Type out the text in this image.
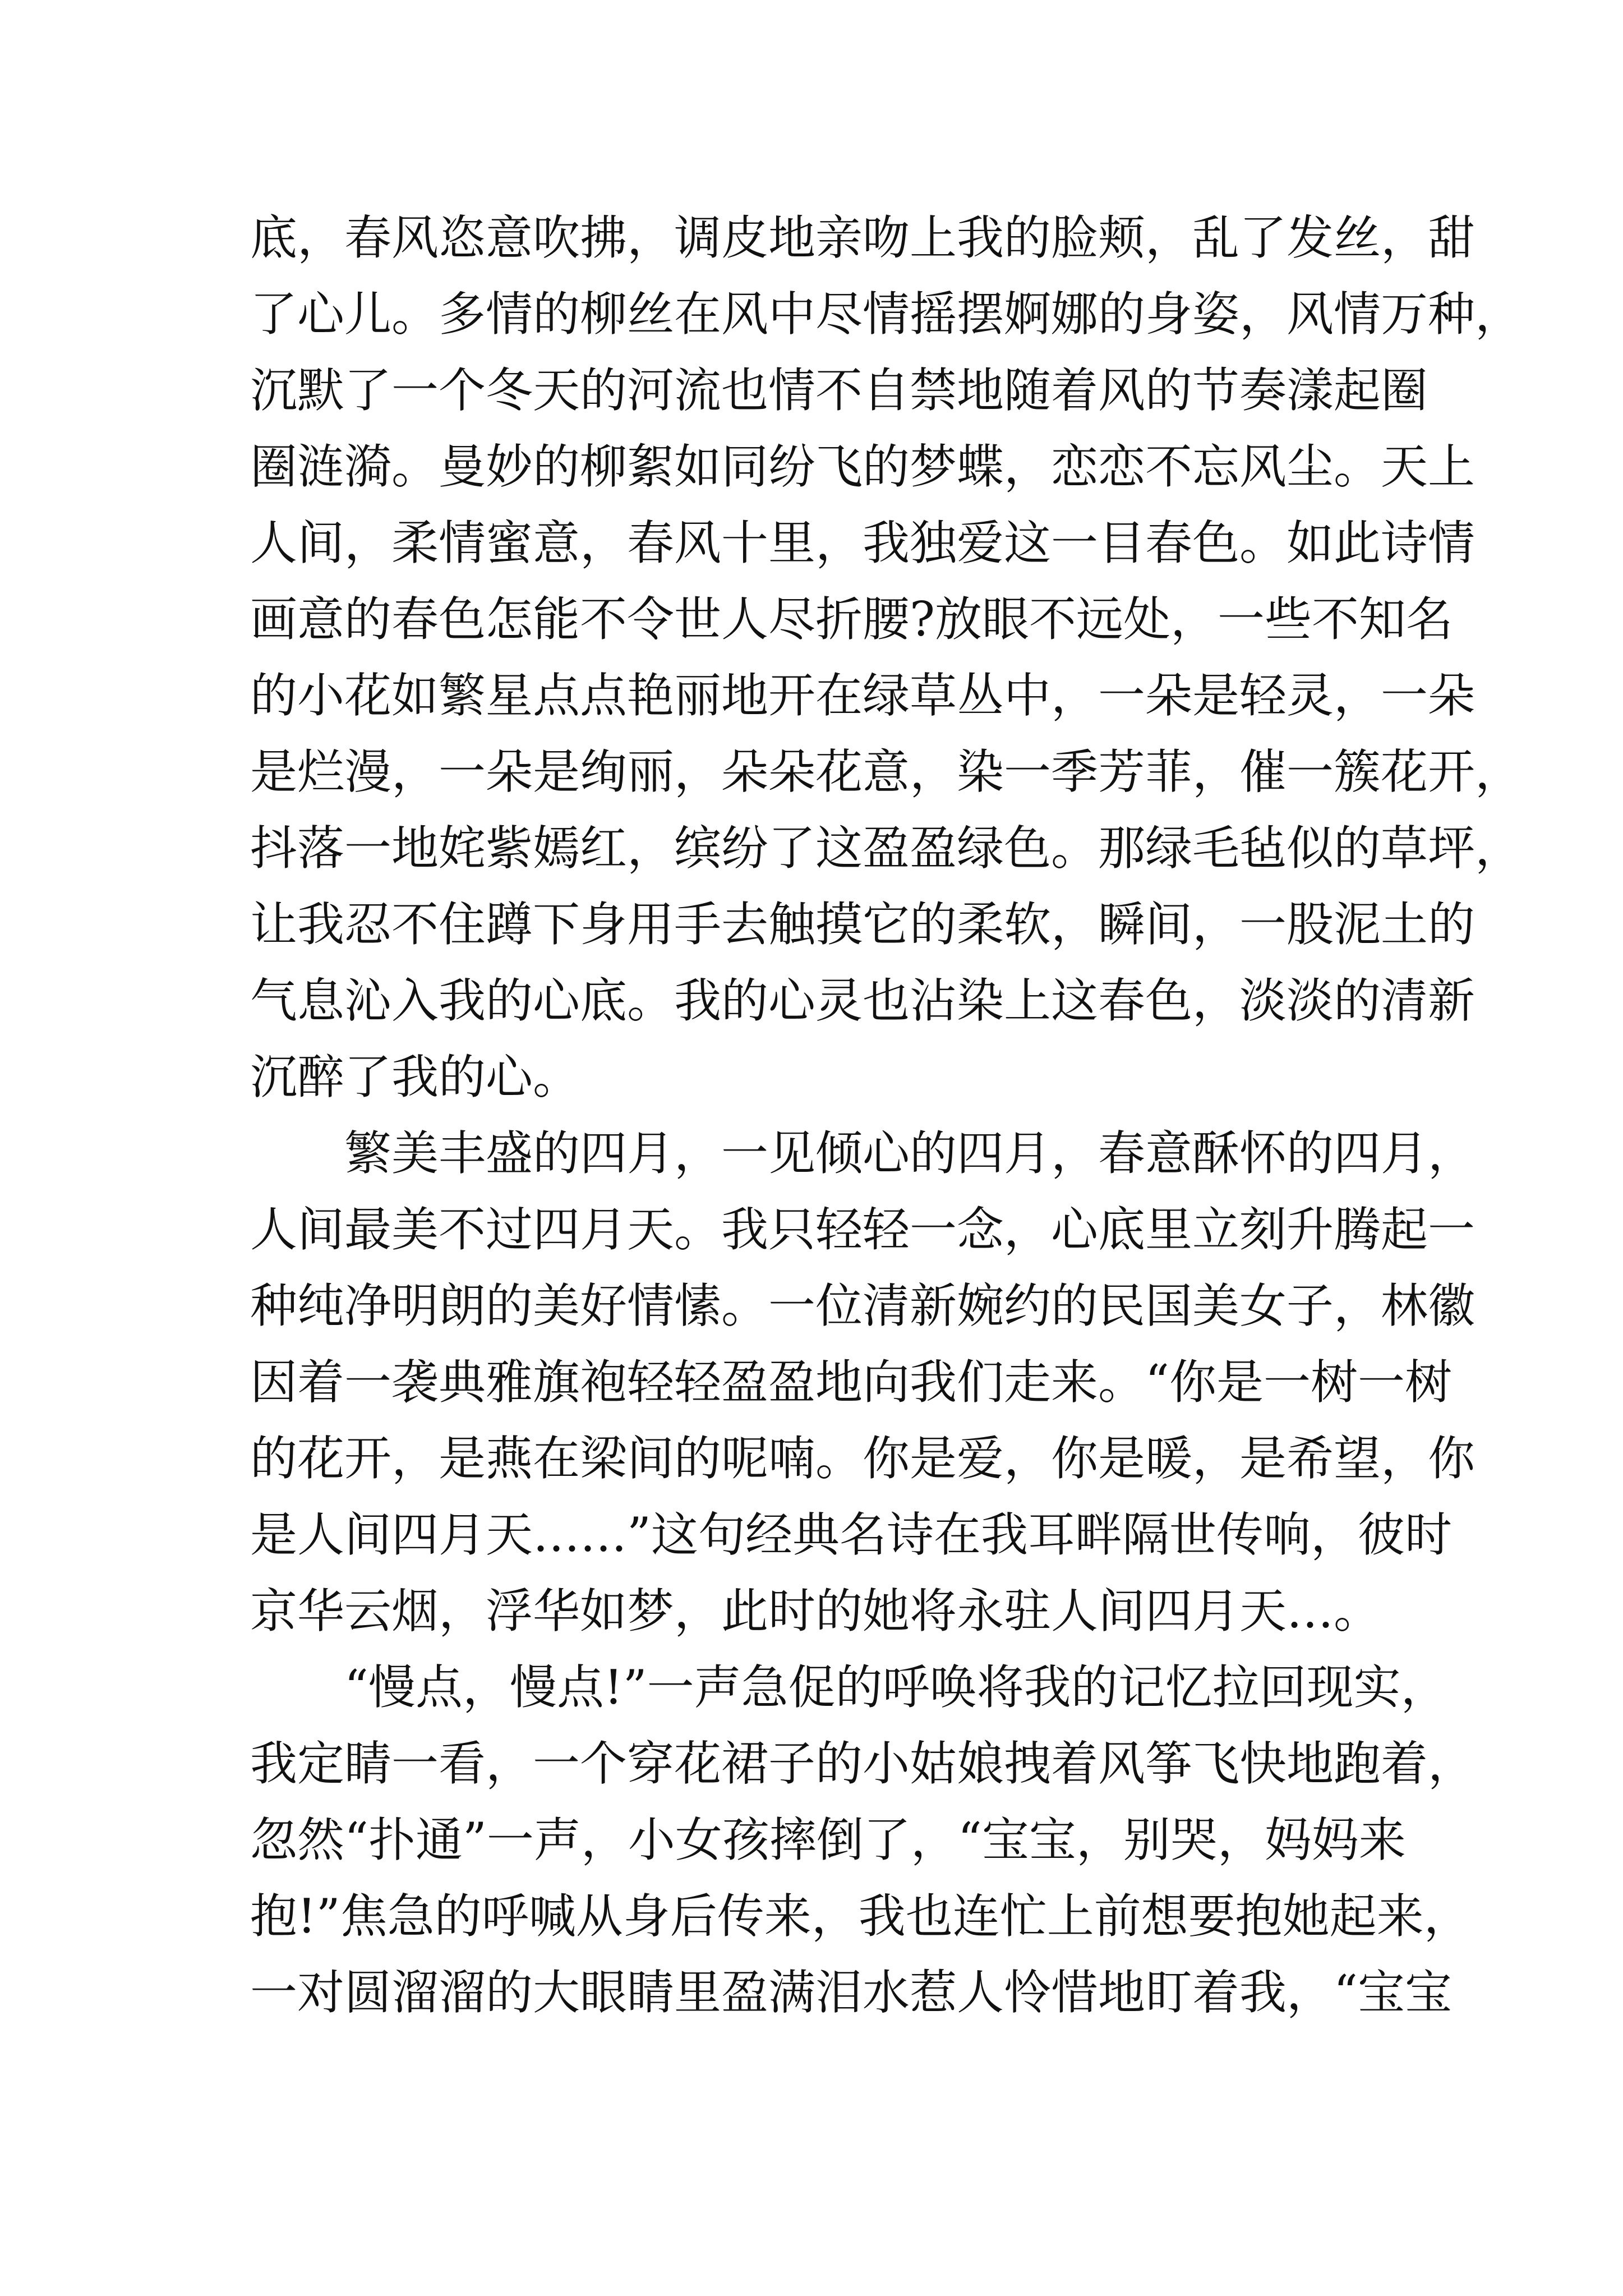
底，春风恣意吹拂，调皮地亲吻上我的脸颊，乱了发丝，甜
了心儿。多情的柳丝在风中尽情摇摆婀娜的身姿，风情万种，
沉默了一个冬天的河流也情不自禁地随着风的节奏漾起圈
圈涟漪。曼妙的柳絮如同纷飞的梦蝶，恋恋不忘风尘。天上
人间，柔情蜜意，春风十里，我独爱这一目春色。如此诗情
画意的春色怎能不令世人尽折腰?放眼不远处，一些不知名
的小花如繁星点点艳丽地开在绿草丛中，一朵是轻灵，一朵
是烂漫，一朵是绚丽，朵朵花意，染一季芳菲，催一簇花开，
抖落一地姹紫嫣红，缤纷了这盈盈绿色。那绿毛毡似的草坪，
让我忍不住蹲下身用手去触摸它的柔软，瞬间，一股泥土的
气息沁入我的心底。我的心灵也沾染上这春色，淡淡的清新
沉醉了我的心。
繁美丰盛的四月，一见倾心的四月，春意酥怀的四月，
人间最美不过四月天。我只轻轻一念，心底里立刻升腾起一
种纯净明朗的美好情愫。一位清新婉约的民国美女子，林徽
因着一袭典雅旗袍轻轻盈盈地向我们走来。“你是一树一树
的花开，是燕在梁间的呢喃。你是爱，你是暖，是希望，你
是人间四月天……”这句经典名诗在我耳畔隔世传响，彼时
京华云烟，浮华如梦，此时的她将永驻人间四月天…。
“慢点，慢点!”一声急促的呼唤将我的记忆拉回现实，
我定睛一看，一个穿花裙子的小姑娘拽着风筝飞快地跑着，
忽然“扑通”一声，小女孩摔倒了，“宝宝，别哭，妈妈来
抱!”焦急的呼喊从身后传来，我也连忙上前想要抱她起来，
一对圆溜溜的大眼睛里盈满泪水惹人怜惜地盯着我，“宝宝
